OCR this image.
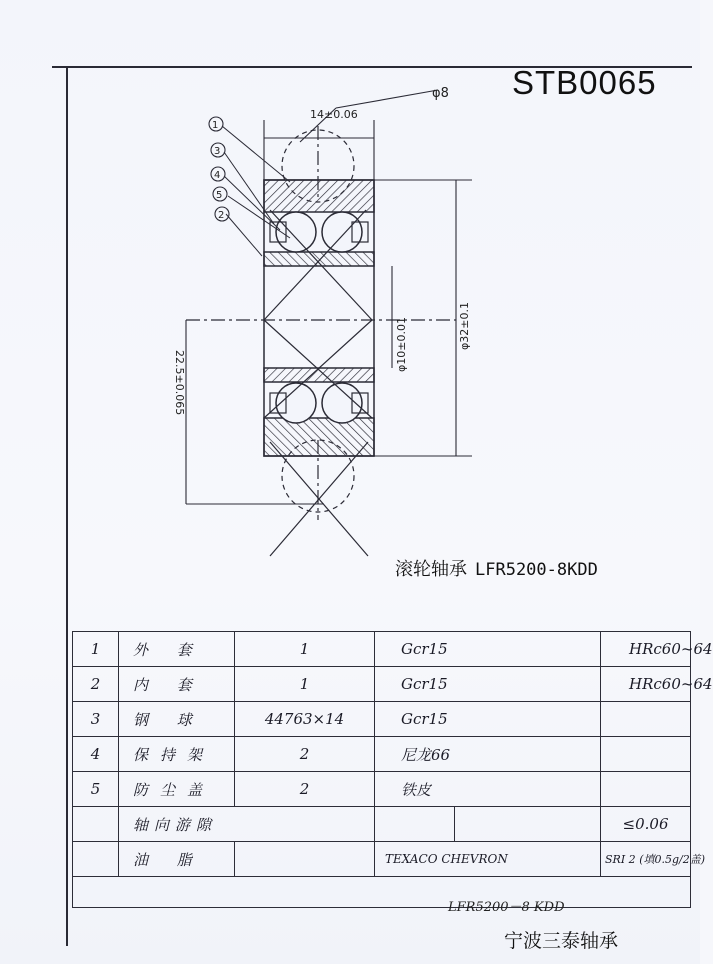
STB0065
1
3
4
5
2
14±0.06
φ8
φ10±0.01	φ32±0.1
22.5±0.065
滚轮轴承 LFR5200-8KDD
1	外 套	1	Gcr15		HRc60~64
2	内 套	1	Gcr15		HRc60~64
3	钢 球	44763×14	Gcr15		
4	保持架	2	尼龙66		
5	防尘盖	2	铁皮		
	轴向游隙				≤0.06
	油 脂		TEXACO CHEVRON		SRI 2 (填0.5g/2盖)

LFR5200－8 KDD
宁波三泰轴承
